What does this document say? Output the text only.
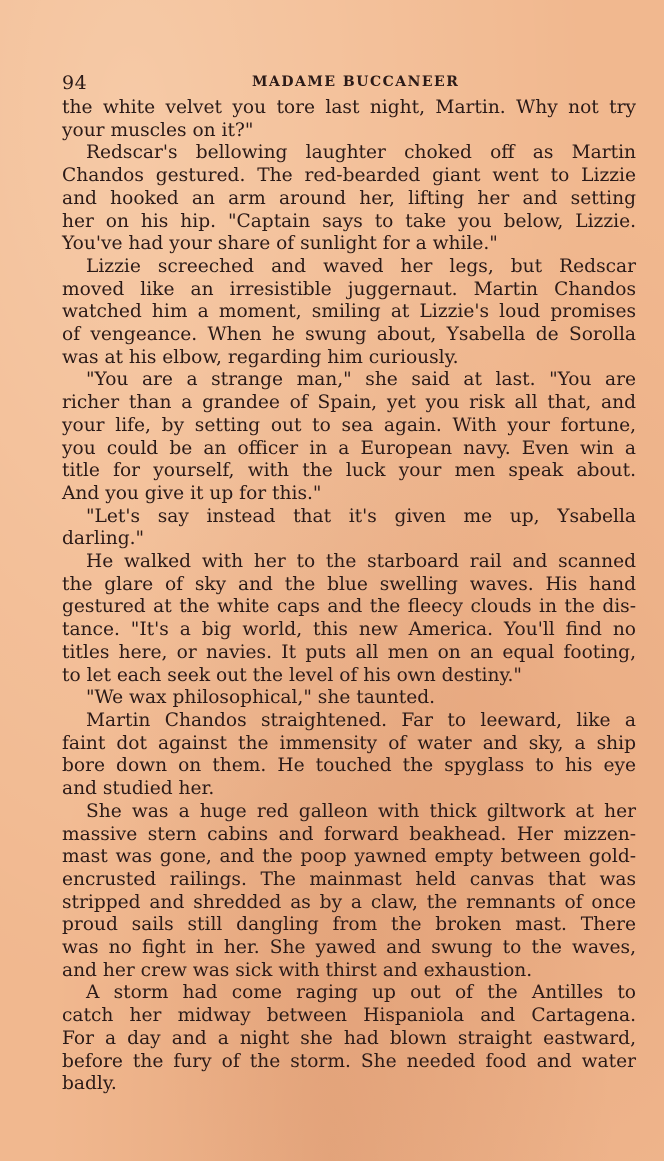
94	MADAME BUCCANEER

the white velvet you tore last night, Martin. Why not try
your muscles on it?"

Redscar's bellowing laughter choked off as Martin
Chandos gestured. The red-bearded giant went to Lizzie
and hooked an arm around her, lifting her and setting
her on his hip. "Captain says to take you below, Lizzie.
You've had your share of sunlight for a while."

Lizzie screeched and waved her legs, but Redscar
moved like an irresistible juggernaut. Martin Chandos
watched him a moment, smiling at Lizzie's loud promises
of vengeance. When he swung about, Ysabella de Sorolla
was at his elbow, regarding him curiously.

"You are a strange man," she said at last. "You are
richer than a grandee of Spain, yet you risk all that, and
your life, by setting out to sea again. With your fortune,
you could be an officer in a European navy. Even win a
title for yourself, with the luck your men speak about.
And you give it up for this."

"Let's say instead that it's given me up, Ysabella
darling."

He walked with her to the starboard rail and scanned
the glare of sky and the blue swelling waves. His hand
gestured at the white caps and the fleecy clouds in the dis-
tance. "It's a big world, this new America. You'll find no
titles here, or navies. It puts all men on an equal footing,
to let each seek out the level of his own destiny."

"We wax philosophical," she taunted.

Martin Chandos straightened. Far to leeward, like a
faint dot against the immensity of water and sky, a ship
bore down on them. He touched the spyglass to his eye
and studied her.

She was a huge red galleon with thick giltwork at her
massive stern cabins and forward beakhead. Her mizzen-
mast was gone, and the poop yawned empty between gold-
encrusted railings. The mainmast held canvas that was
stripped and shredded as by a claw, the remnants of once
proud sails still dangling from the broken mast. There
was no fight in her. She yawed and swung to the waves,
and her crew was sick with thirst and exhaustion.

A storm had come raging up out of the Antilles to
catch her midway between Hispaniola and Cartagena.
For a day and a night she had blown straight eastward,
before the fury of the storm. She needed food and water
badly.
